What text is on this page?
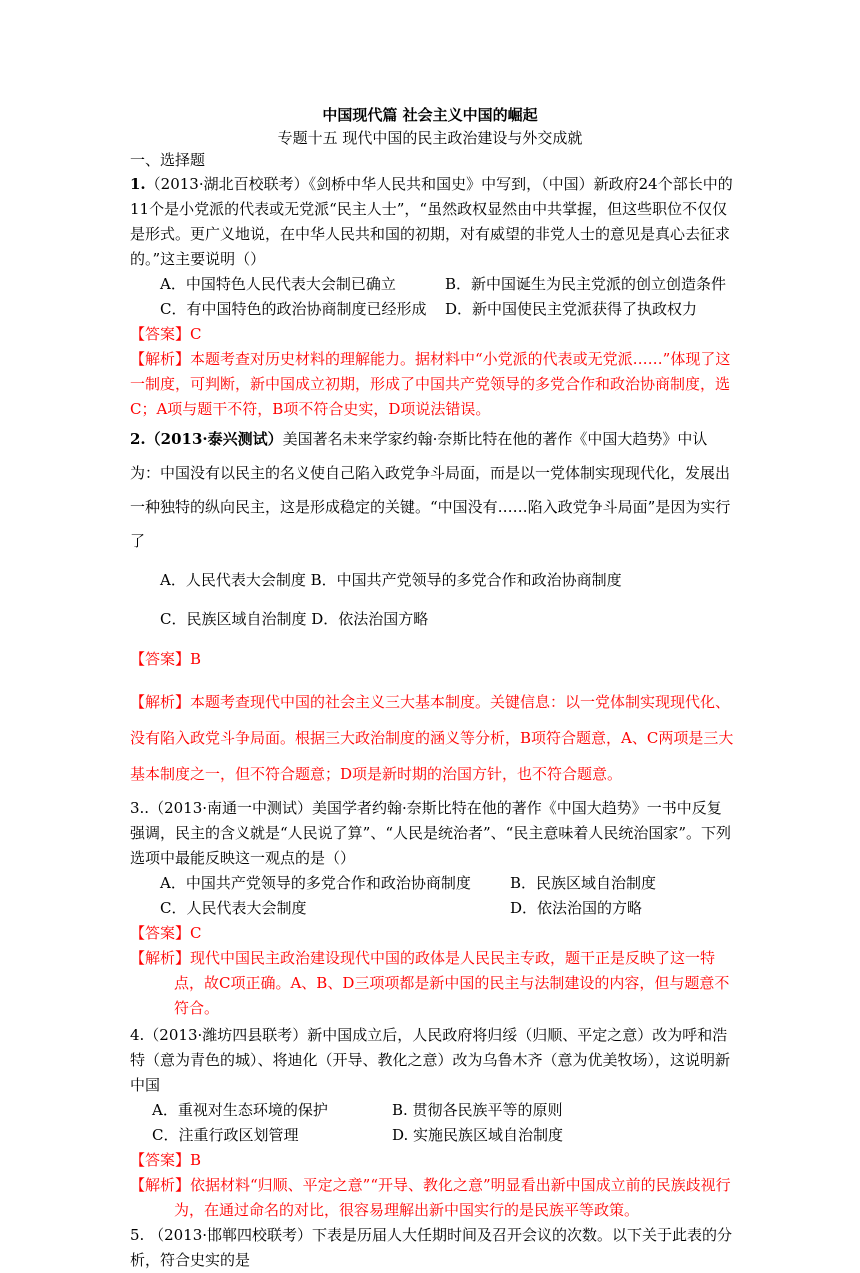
中国现代篇 社会主义中国的崛起
专题十五 现代中国的民主政治建设与外交成就
一、选择题

1.（2013·湖北百校联考）《剑桥中华人民共和国史》中写到，（中国）新政府24个部长中的11个是小党派的代表或无党派“民主人士”，“虽然政权显然由中共掌握，但这些职位不仅仅是形式。更广义地说，在中华人民共和国的初期，对有威望的非党人士的意见是真心去征求的。”这主要说明（）

A．中国特色人民代表大会制已确立	B．新中国诞生为民主党派的创立创造条件
C．有中国特色的政治协商制度已经形成	D．新中国使民主党派获得了执政权力

【答案】C

【解析】本题考查对历史材料的理解能力。据材料中“小党派的代表或无党派……”体现了这一制度，可判断，新中国成立初期，形成了中国共产党领导的多党合作和政治协商制度，选C；A项与题干不符，B项不符合史实，D项说法错误。

2.（2013·泰兴测试）美国著名未来学家约翰·奈斯比特在他的著作《中国大趋势》中认为：中国没有以民主的名义使自己陷入政党争斗局面，而是以一党体制实现现代化，发展出一种独特的纵向民主，这是形成稳定的关键。“中国没有……陷入政党争斗局面”是因为实行了

A．人民代表大会制度 B．中国共产党领导的多党合作和政治协商制度

C．民族区域自治制度 D．依法治国方略

【答案】B

【解析】本题考查现代中国的社会主义三大基本制度。关键信息：以一党体制实现现代化、没有陷入政党斗争局面。根据三大政治制度的涵义等分析，B项符合题意，A、C两项是三大基本制度之一，但不符合题意；D项是新时期的治国方针，也不符合题意。

3..（2013·南通一中测试）美国学者约翰·奈斯比特在他的著作《中国大趋势》一书中反复强调，民主的含义就是“人民说了算”、“人民是统治者”、“民主意味着人民统治国家”。下列选项中最能反映这一观点的是（）

A．中国共产党领导的多党合作和政治协商制度	B．民族区域自治制度
C．人民代表大会制度	D．依法治国的方略

【答案】C

【解析】现代中国民主政治建设现代中国的政体是人民民主专政，题干正是反映了这一特点，故C项正确。A、B、D三项项都是新中国的民主与法制建设的内容，但与题意不符合。

4.（2013·潍坊四县联考）新中国成立后，人民政府将归绥（归顺、平定之意）改为呼和浩特（意为青色的城）、将迪化（开导、教化之意）改为乌鲁木齐（意为优美牧场），这说明新中国

A．重视对生态环境的保护	B. 贯彻各民族平等的原则
C．注重行政区划管理	D. 实施民族区域自治制度

【答案】B

【解析】依据材料“归顺、平定之意”“开导、教化之意”明显看出新中国成立前的民族歧视行为，在通过命名的对比，很容易理解出新中国实行的是民族平等政策。

5. （2013·邯郸四校联考）下表是历届人大任期时间及召开会议的次数。以下关于此表的分析，符合史实的是
